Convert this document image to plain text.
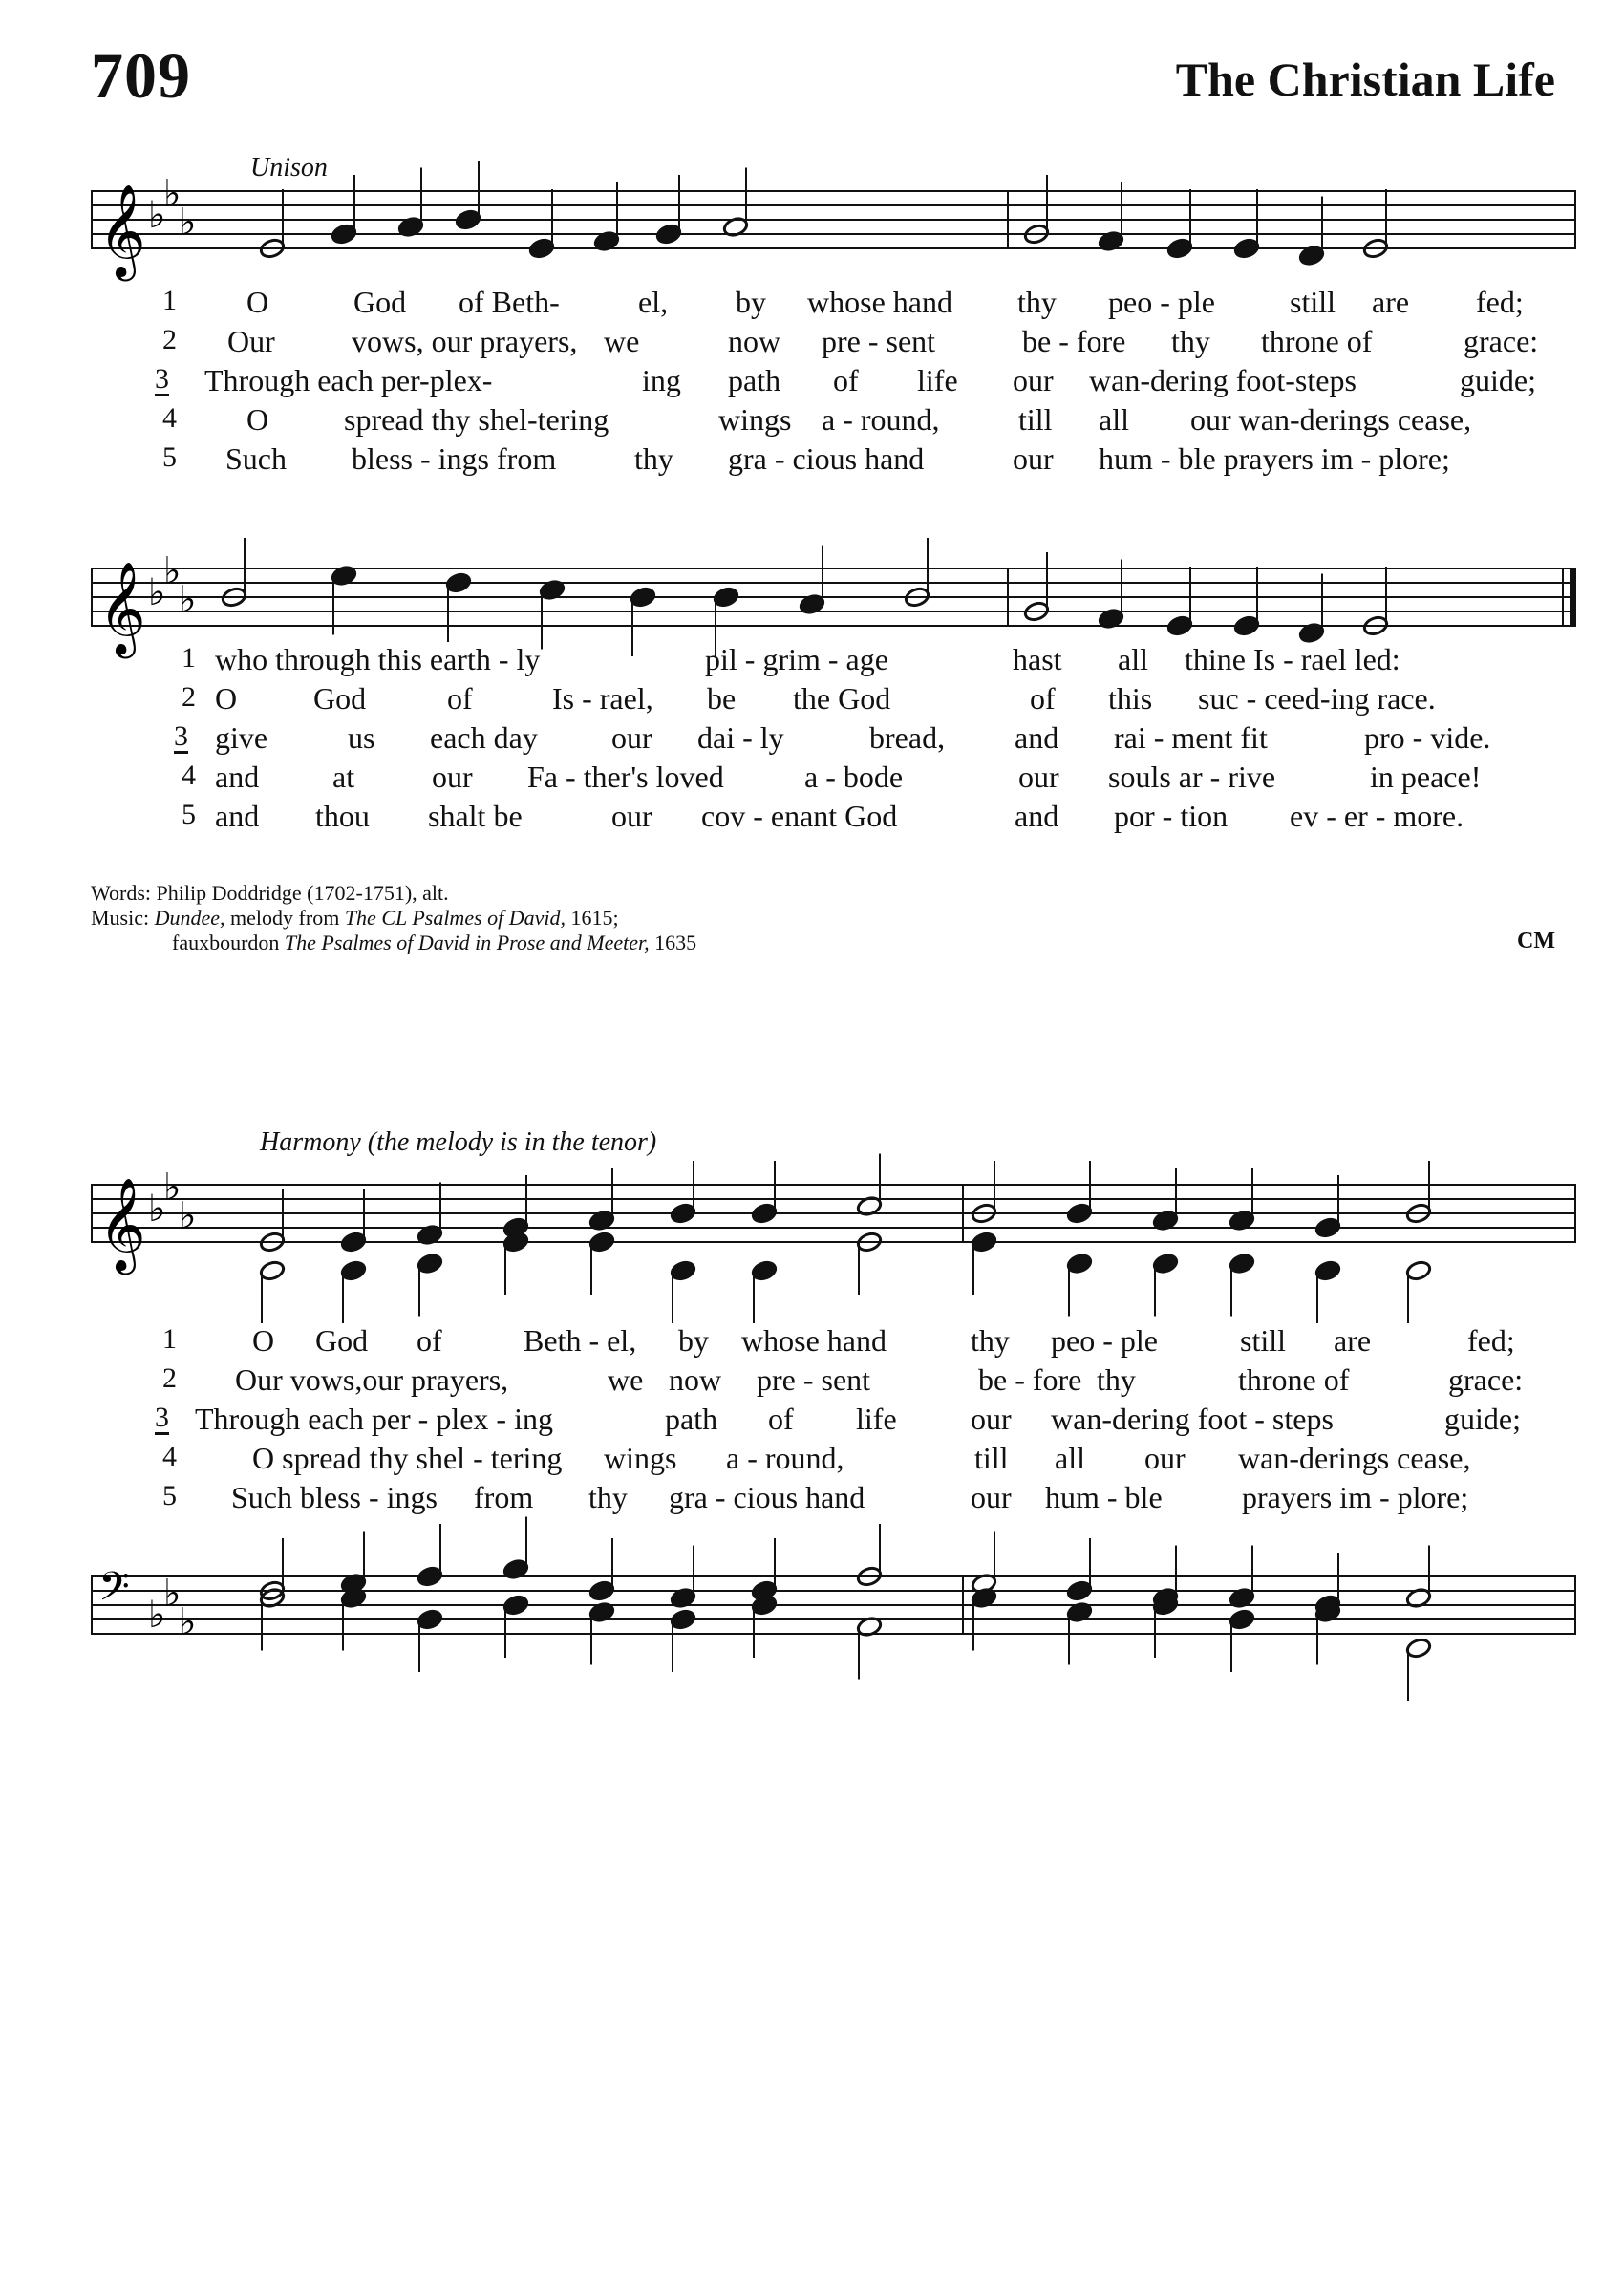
709	The Christian Life
Unison
𝄞 ♭
♭
♭
1 O	God of Beth-	el, by whose hand thy peo - ple still are fed;
2 Our	vows, our prayers, we	now pre - sent	be - fore thy throne of	grace:
3 Through each per-plex-	ing path of life our wan-dering foot-steps	guide;
4 O spread thy shel-tering	wings a - round,	till all our wan-derings cease,
5 Such bless - ings from	thy gra - cious hand	our hum - ble prayers im - plore;
𝄞 ♭
♭
♭
1 who through this earth - ly	pil - grim - age	hast all thine Is - rael led:
2 O God	of	Is - rael, be the God	of this suc - ceed-ing race.
3 give	us each day our dai - ly	bread, and rai - ment fit	pro - vide.
4 and at	our Fa - ther's loved	a - bode	our souls ar - rive	in peace!
5 and thou shalt be	our cov - enant God	and por - tion ev - er - more.
Words: Philip Doddridge (1702-1751), alt.
Music: Dundee, melody from The CL Psalmes of David, 1615;
fauxbourdon The Psalmes of David in Prose and Meeter, 1635	CM
Harmony (the melody is in the tenor)
𝄞 ♭
♭
♭
1 O God of	Beth - el, by whose hand	thy peo - ple	still are	fed;
2 Our vows,our prayers,	we now pre - sent	be - fore thy	throne of	grace:
3 Through each per - plex - ing	path of life our wan-dering foot - steps	guide;
4 O spread thy shel - tering wings a - round,	till all our wan-derings cease,
5 Such bless - ings from thy gra - cious hand	our hum - ble	prayers im - plore;
𝄢 ♭
♭
♭
